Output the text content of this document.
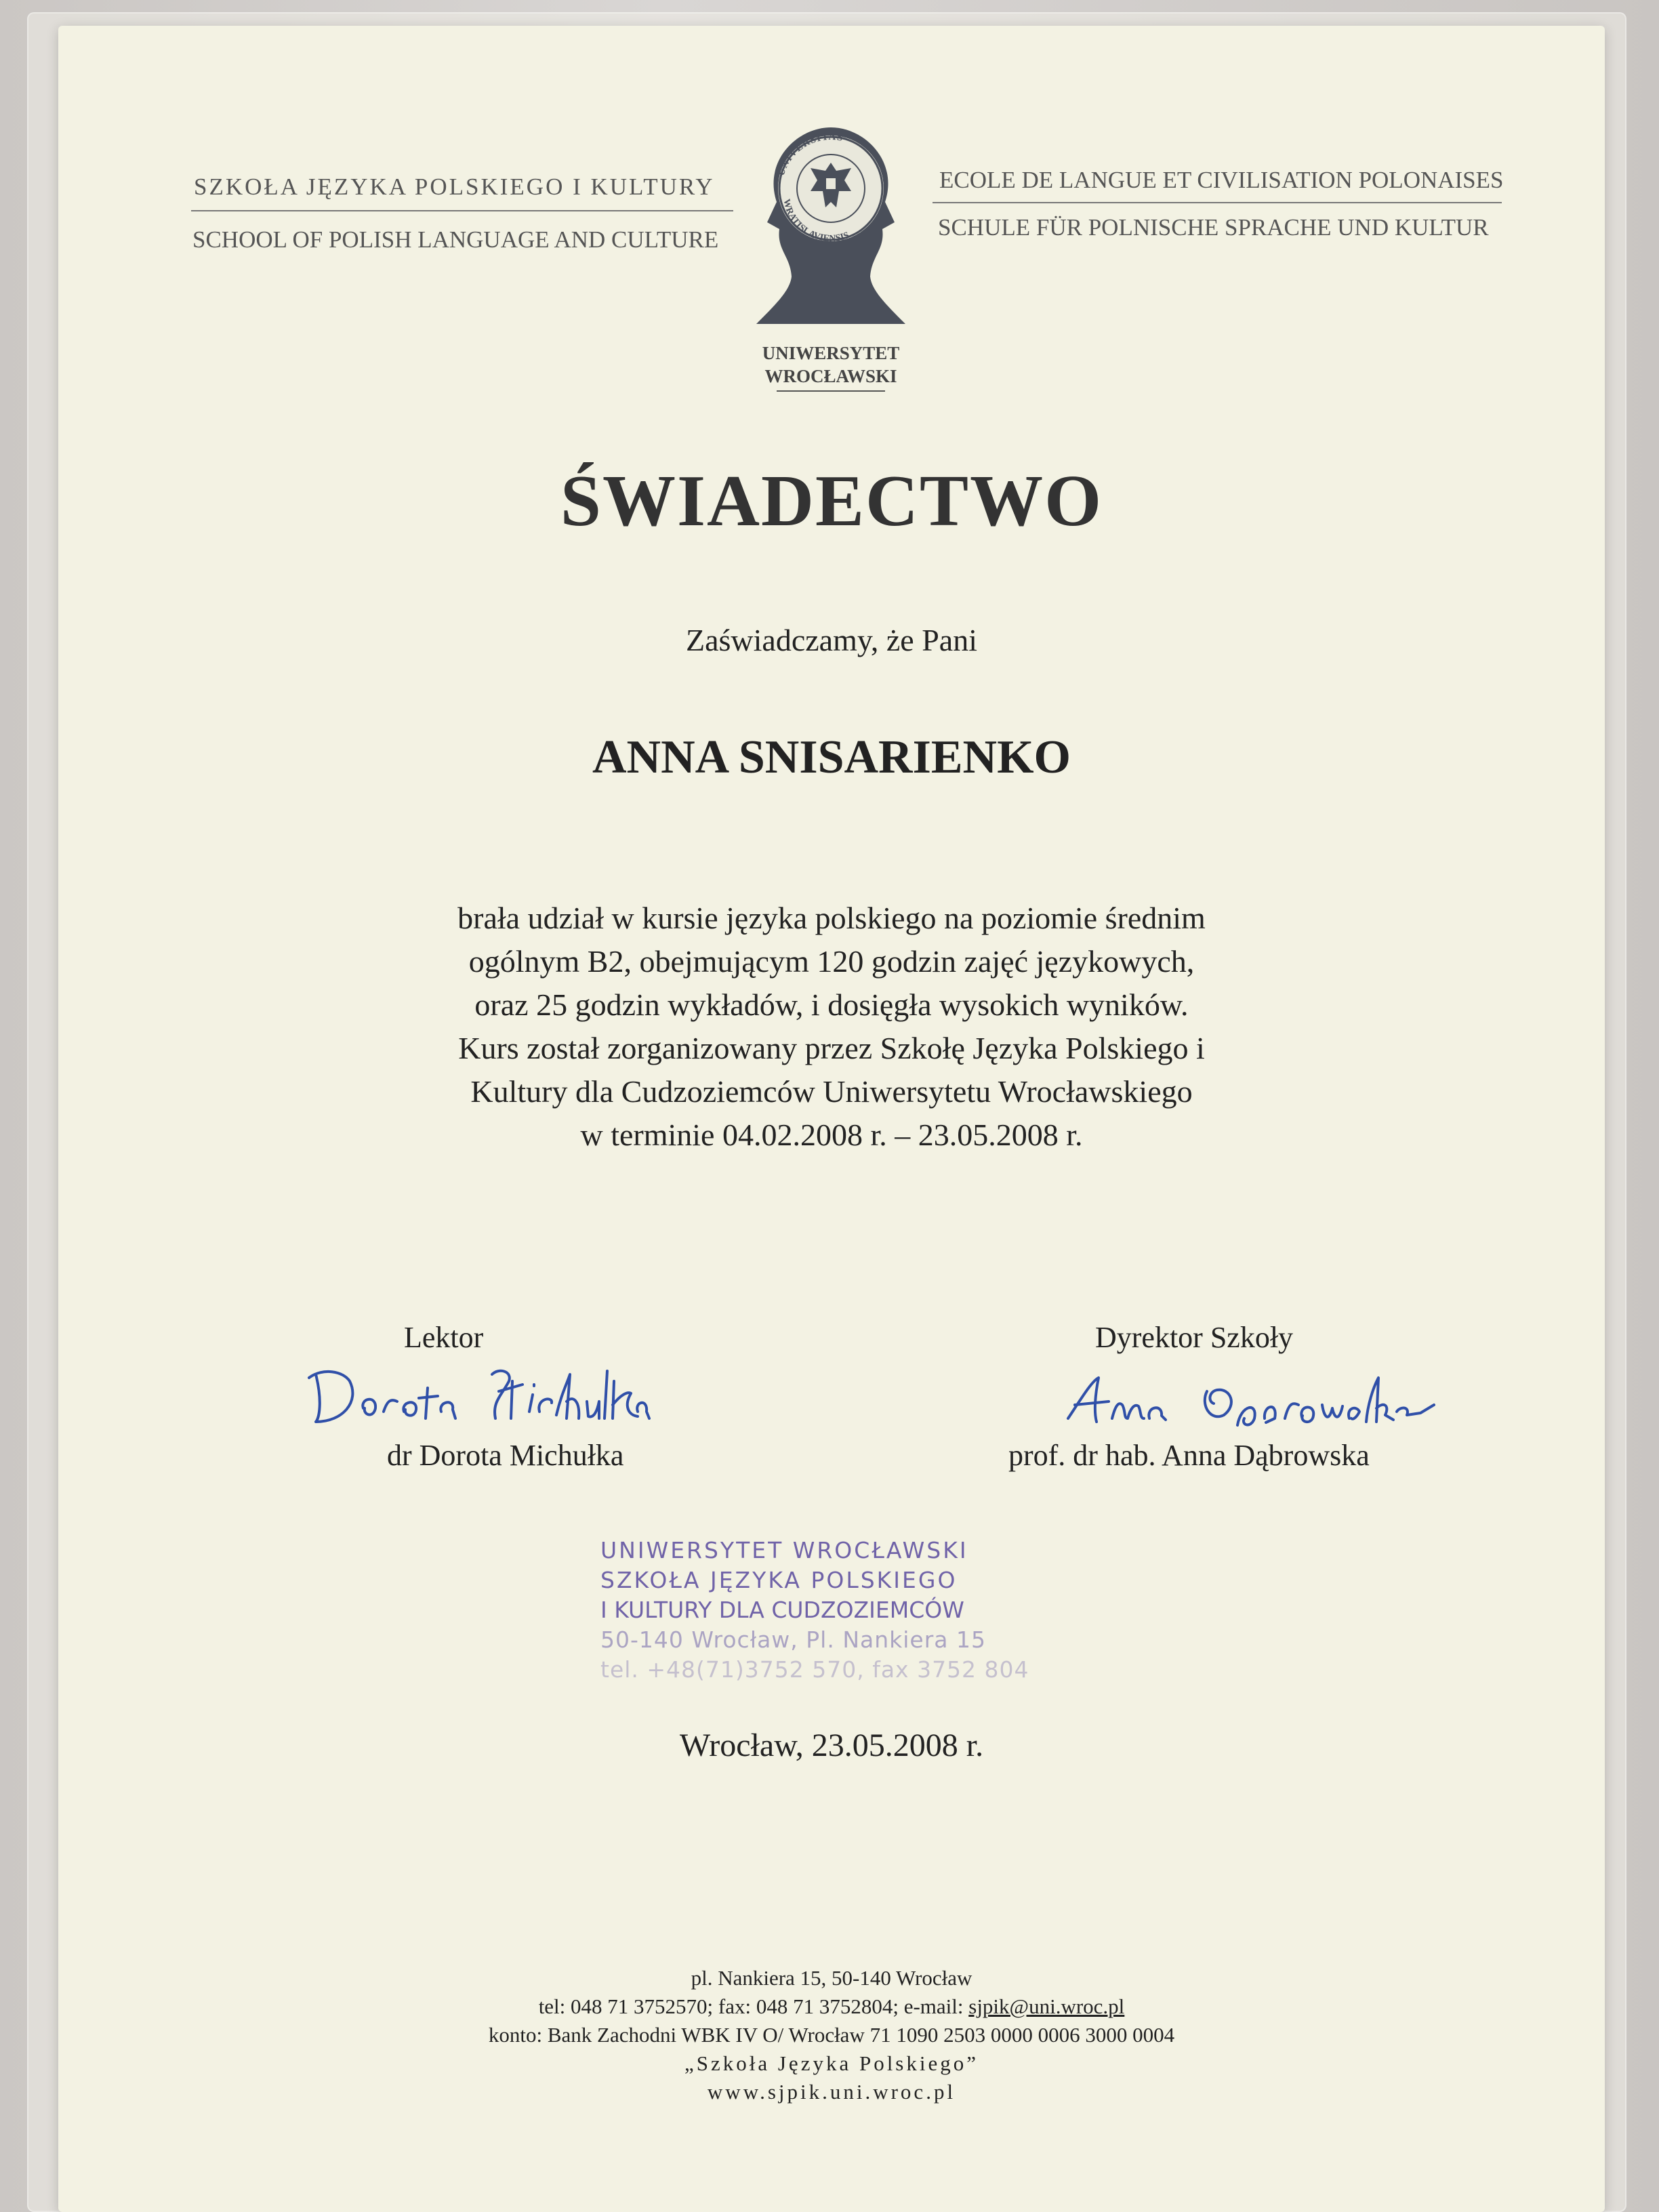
SZKOŁA JĘZYKA POLSKIEGO I KULTURY
SCHOOL OF POLISH LANGUAGE AND CULTURE
ECOLE DE LANGUE ET CIVILISATION POLONAISES
SCHULE FÜR POLNISCHE SPRACHE UND KULTUR
UNIVERSITAS
WRATISLAVIENSIS
UNIWERSYTET
WROCŁAWSKI
ŚWIADECTWO
Zaświadczamy, że Pani
ANNA SNISARIENKO
brała udział w kursie języka polskiego na poziomie średnim
ogólnym B2, obejmującym 120 godzin zajęć językowych,
oraz 25 godzin wykładów, i dosięgła wysokich wyników.
Kurs został zorganizowany przez Szkołę Języka Polskiego i
Kultury dla Cudzoziemców Uniwersytetu Wrocławskiego
w terminie 04.02.2008 r. – 23.05.2008 r.
Lektor
dr Dorota Michułka
Dyrektor Szkoły
prof. dr hab. Anna Dąbrowska
UNIWERSYTET WROCŁAWSKI
SZKOŁA JĘZYKA POLSKIEGO
I KULTURY DLA CUDZOZIEMCÓW
50-140 Wrocław, Pl. Nankiera 15
tel. +48(71)3752 570, fax 3752 804
Wrocław, 23.05.2008 r.
pl. Nankiera 15, 50-140 Wrocław
tel: 048 71 3752570; fax: 048 71 3752804; e-mail: sjpik@uni.wroc.pl
konto: Bank Zachodni WBK IV O/ Wrocław 71 1090 2503 0000 0006 3000 0004
„Szkoła Języka Polskiego”
www.sjpik.uni.wroc.pl
